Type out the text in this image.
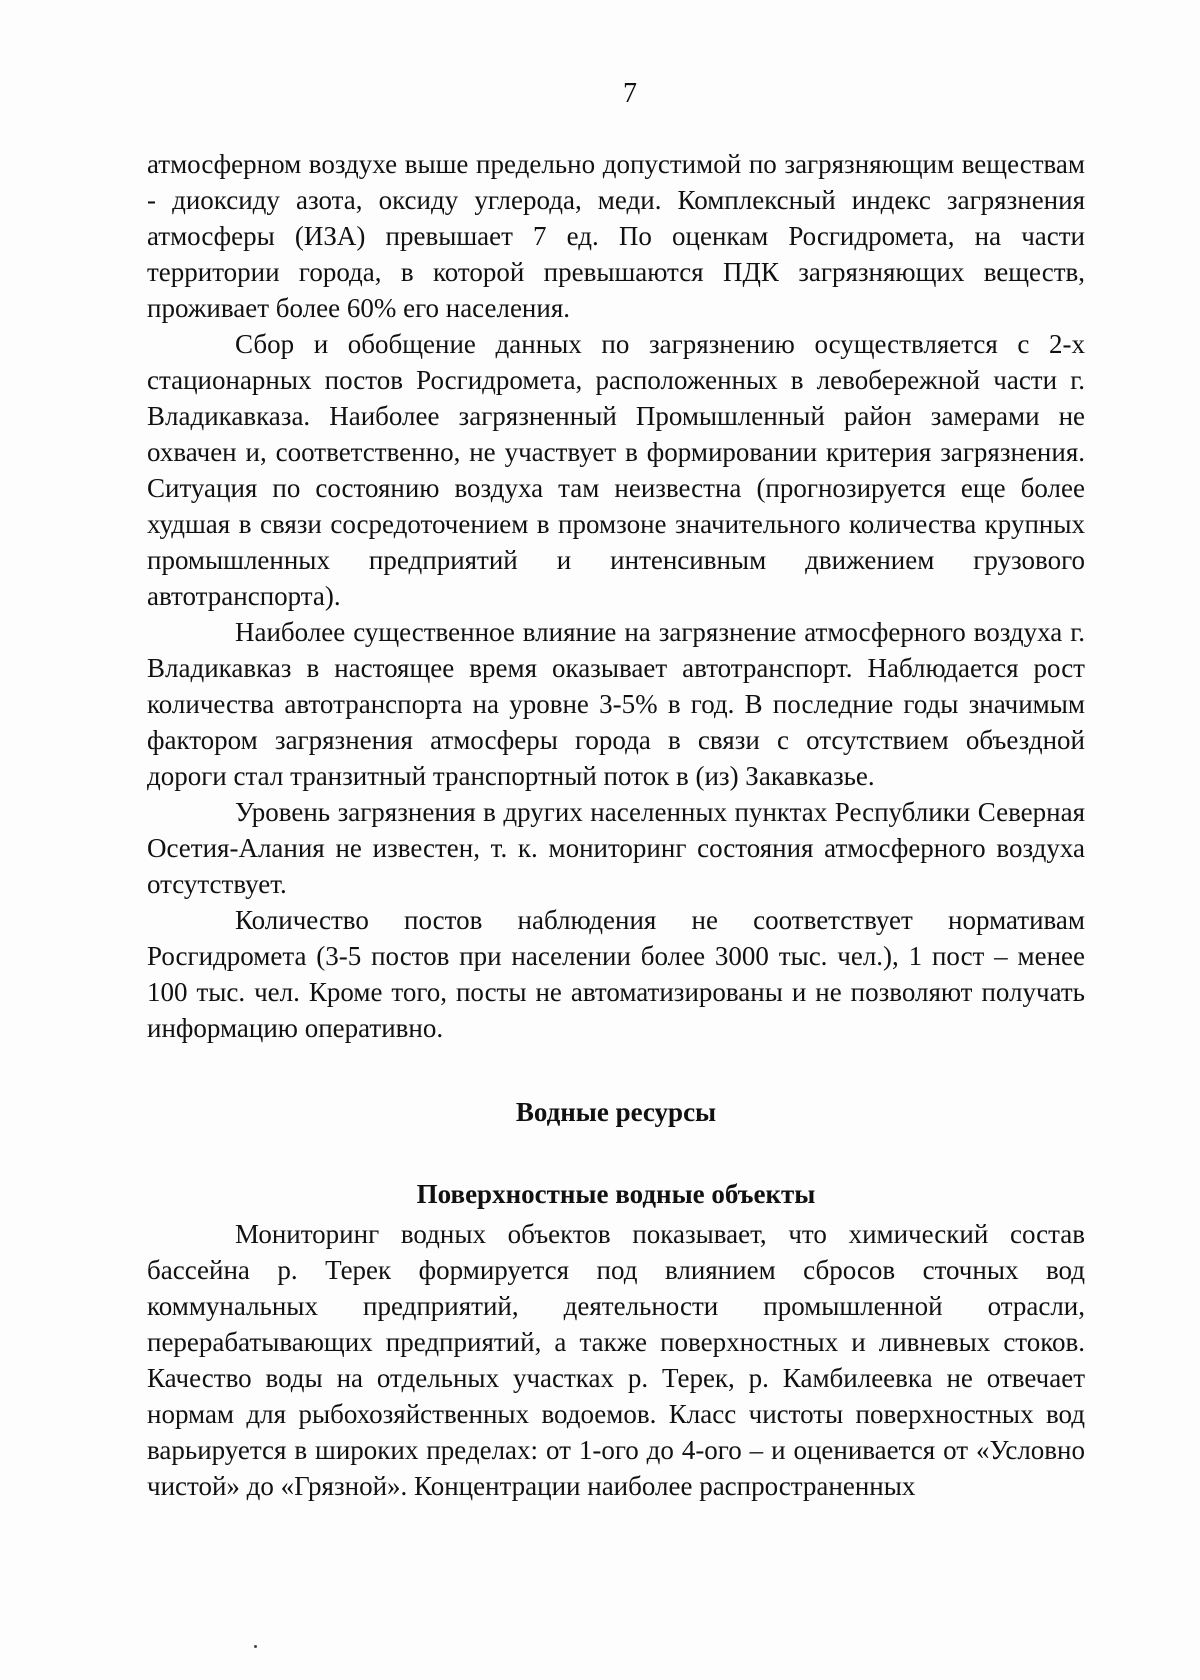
7

атмосферном воздухе выше предельно допустимой по загрязняющим веществам - диоксиду азота, оксиду углерода, меди. Комплексный индекс загрязнения атмосферы (ИЗА) превышает 7 ед. По оценкам Росгидромета, на части территории города, в которой превышаются ПДК загрязняющих веществ, проживает более 60% его населения.

Сбор и обобщение данных по загрязнению осуществляется с 2-х стационарных постов Росгидромета, расположенных в левобережной части г. Владикавказа. Наиболее загрязненный Промышленный район замерами не охвачен и, соответственно, не участвует в формировании критерия загрязнения. Ситуация по состоянию воздуха там неизвестна (прогнозируется еще более худшая в связи сосредоточением в промзоне значительного количества крупных промышленных предприятий и интенсивным движением грузового автотранспорта).

Наиболее существенное влияние на загрязнение атмосферного воздуха г. Владикавказ в настоящее время оказывает автотранспорт. Наблюдается рост количества автотранспорта на уровне 3-5% в год. В последние годы значимым фактором загрязнения атмосферы города в связи с отсутствием объездной дороги стал транзитный транспортный поток в (из) Закавказье.

Уровень загрязнения в других населенных пунктах Республики Северная Осетия-Алания не известен, т. к. мониторинг состояния атмосферного воздуха отсутствует.

Количество постов наблюдения не соответствует нормативам Росгидромета (3-5 постов при населении более 3000 тыс. чел.), 1 пост – менее 100 тыс. чел. Кроме того, посты не автоматизированы и не позволяют получать информацию оперативно.

Водные ресурсы
Поверхностные водные объекты

Мониторинг водных объектов показывает, что химический состав бассейна р. Терек формируется под влиянием сбросов сточных вод коммунальных предприятий, деятельности промышленной отрасли, перерабатывающих предприятий, а также поверхностных и ливневых стоков. Качество воды на отдельных участках р. Терек, р. Камбилеевка не отвечает нормам для рыбохозяйственных водоемов. Класс чистоты поверхностных вод варьируется в широких пределах: от 1-ого до 4-ого – и оценивается от «Условно чистой» до «Грязной». Концентрации наиболее распространенных
